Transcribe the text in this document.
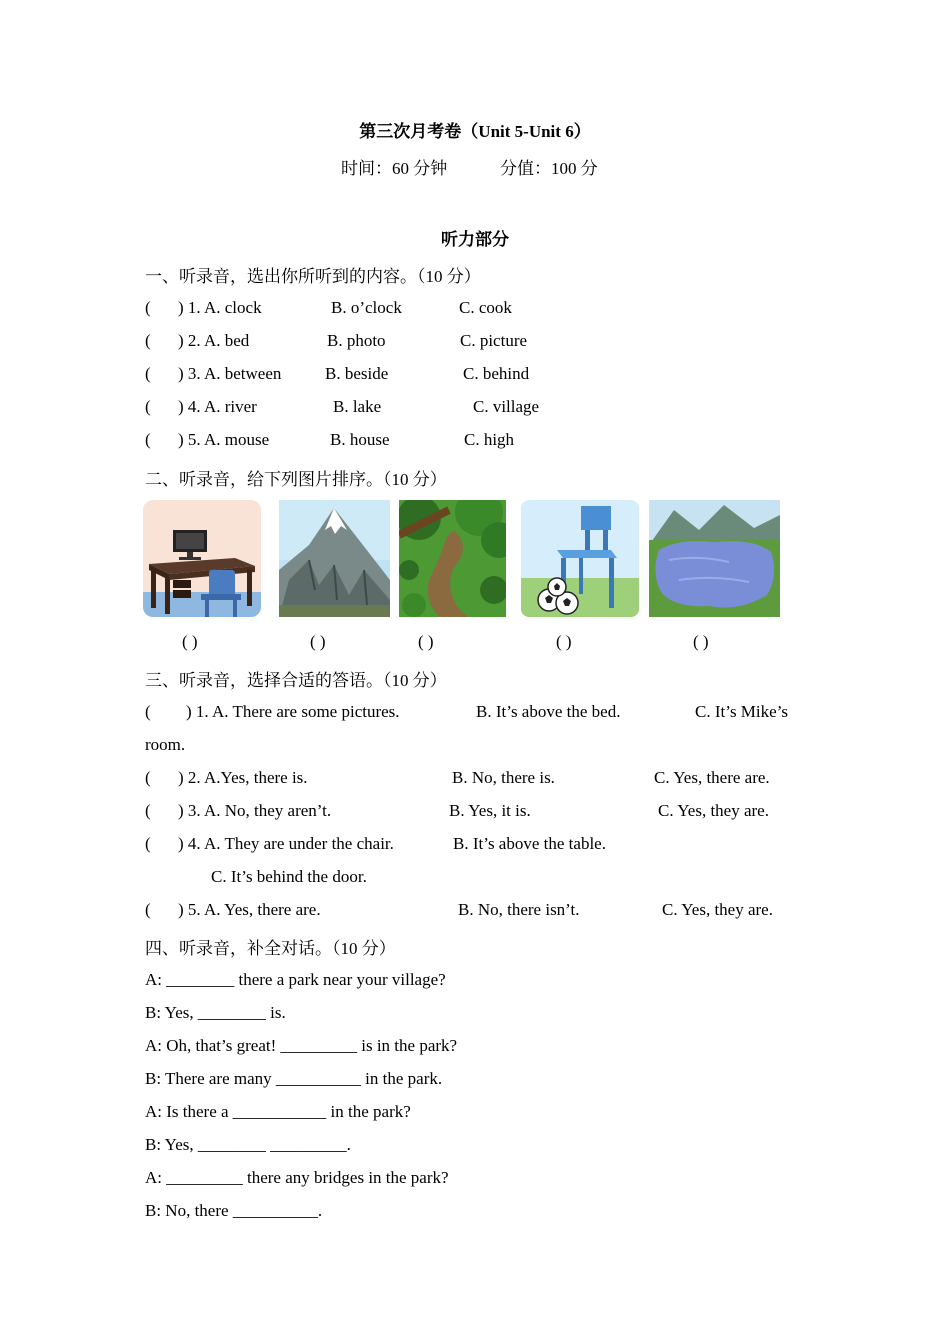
第三次月考卷（Unit 5-Unit 6）
时间：60 分钟	分值：100 分
听力部分
一、听录音，选出你所听到的内容。（10 分）
( ) 1. A. clock	B. o’clock	C. cook
( ) 2. A. bed	B. photo	C. picture
( ) 3. A. between	B. beside	C. behind
( ) 4. A. river	B. lake	C. village
( ) 5. A. mouse	B. house	C. high
二、听录音，给下列图片排序。（10 分）
( )	( )	( )	( )	( )
三、听录音，选择合适的答语。（10 分）
( ) 1. A. There are some pictures.	B. It’s above the bed.	C. It’s Mike’s
room.
( ) 2. A.Yes, there is.	B. No, there is.	C. Yes, there are.
( ) 3. A. No, they aren’t.	B. Yes, it is.	C. Yes, they are.
( ) 4. A. They are under the chair.	B. It’s above the table.
C. It’s behind the door.
( ) 5. A. Yes, there are.	B. No, there isn’t.	C. Yes, they are.
四、听录音，补全对话。（10 分）
A: ________ there a park near your village?
B: Yes, ________ is.
A: Oh, that’s great! _________ is in the park?
B: There are many __________ in the park.
A: Is there a ___________ in the park?
B: Yes, ________ _________.
A: _________ there any bridges in the park?
B: No, there __________.
